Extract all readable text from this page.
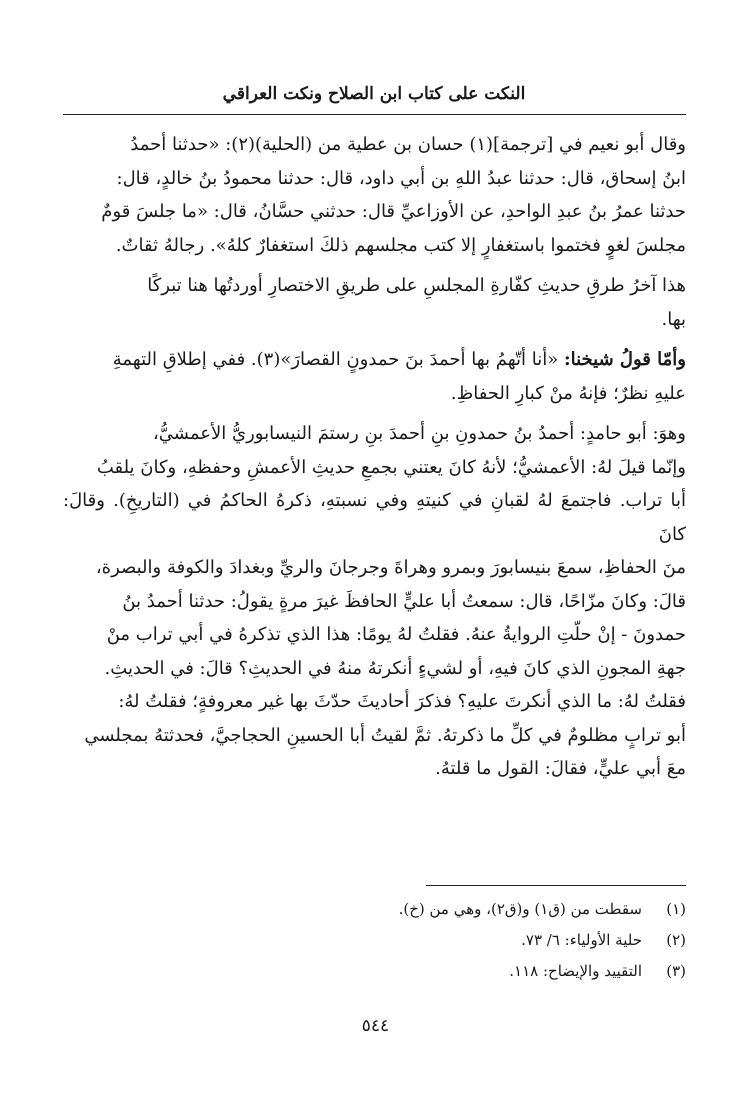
النكت على كتاب ابن الصلاح ونكت العراقي

وقال أبو نعيم في [ترجمة](١) حسان بن عطية من (الحلية)(٢): «حدثنا أحمدُ
ابنُ إسحاق، قال: حدثنا عبدُ اللهِ بن أبي داود، قال: حدثنا محمودُ بنُ خالدٍ، قال:
حدثنا عمرُ بنُ عبدِ الواحدِ، عن الأوزاعيِّ قال: حدثني حسَّانُ، قال: «ما جلسَ قومٌ
مجلسَ لغوٍ فختموا باستغفارٍ إلا كتب مجلسهم ذلكَ استغفارٌ كلهُ». رجالهُ ثقاتٌ.

هذا آخرُ طرقِ حديثِ كفّارةِ المجلسِ على طريقِ الاختصارِ أوردتُها هنا تبركًا
بها.

وأمّا قولُ شيخنا: «أنا أتّهمُ بها أحمدَ بنَ حمدونٍ القصارَ»(٣). ففي إطلاقِ التهمةِ
عليهِ نظرٌ؛ فإنهُ منْ كبارِ الحفاظِ.

وهوَ: أبو حامدٍ: أحمدُ بنُ حمدونِ بنِ أحمدَ بنِ رستمَ النيسابوريُّ الأعمشيُّ،
وإنّما قيلَ لهُ: الأعمشيُّ؛ لأنهُ كانَ يعتني بجمعِ حديثِ الأعمشِ وحفظهِ، وكانَ يلقبُ
أبا تراب. فاجتمعَ لهُ لقبانِ في كنيتهِ وفي نسبتهِ، ذكرهُ الحاكمُ في (التاريخِ). وقالَ: كانَ
منَ الحفاظِ، سمعَ بنيسابورَ وبمرو وهراةَ وجرجانَ والريِّ وبغدادَ والكوفة والبصرة،
قالَ: وكانَ مزّاحًا، قال: سمعتُ أبا عليٍّ الحافظَ غيرَ مرةٍ يقولُ: حدثنا أحمدُ بنُ
حمدونَ - إنْ حلّتِ الروايةُ عنهُ. فقلتُ لهُ يومًا: هذا الذي تذكرهُ في أبي تراب منْ
جهةِ المجونِ الذي كانَ فيهِ، أو لشيءٍ أنكرتهُ منهُ في الحديثِ؟ قالَ: في الحديثِ.
فقلتُ لهُ: ما الذي أنكرتَ عليهِ؟ فذكرَ أحاديثَ حدّثَ بها غير معروفةٍ؛ فقلتُ لهُ:
أبو ترابٍ مظلومٌ في كلِّ ما ذكرتهُ. ثمَّ لقيتُ أبا الحسينِ الحجاجيَّ، فحدثتهُ بمجلسي
معَ أبي عليٍّ، فقالَ: القول ما قلتهُ.

(١)
سقطت من (ق١) و(ق٢)، وهي من (خ).
(٢)
حلية الأولياء: ٦/ ٧٣.
(٣)
التقييد والإيضاح: ١١٨.
٥٤٤
